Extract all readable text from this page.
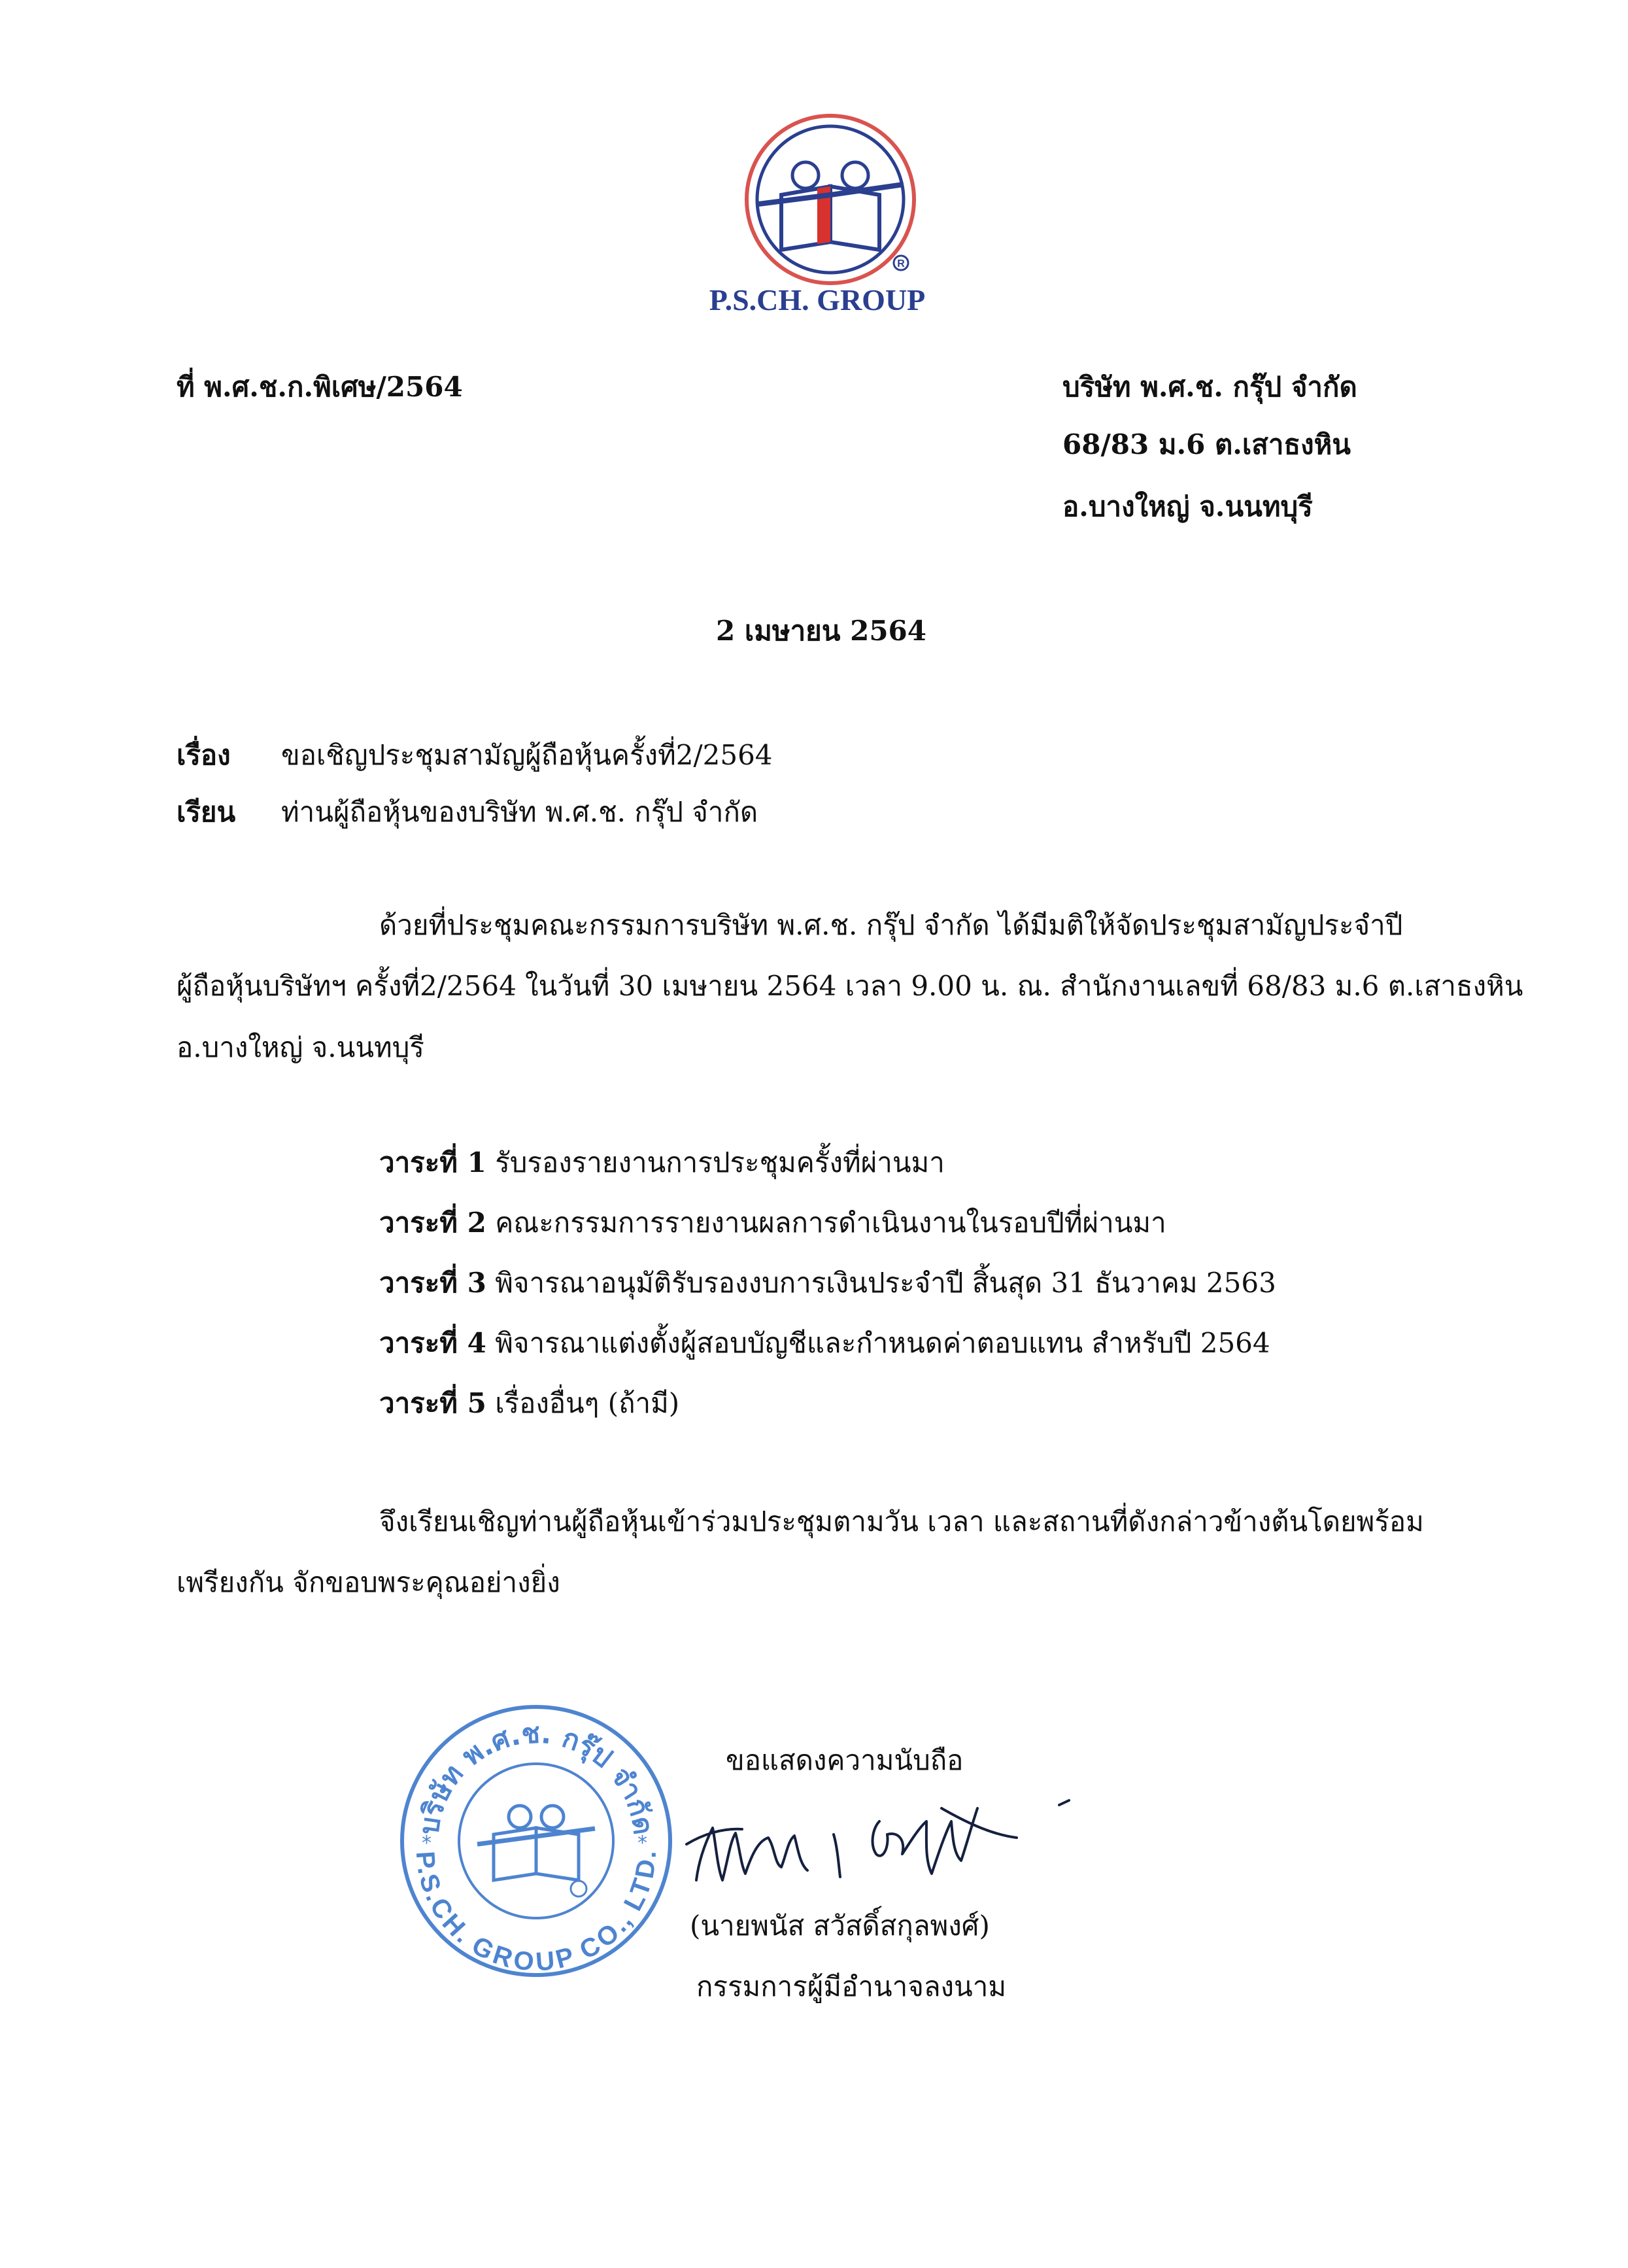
R
P.S.CH. GROUP
ที่ พ.ศ.ช.ก.พิเศษ/2564	บริษัท พ.ศ.ช. กรุ๊ป จำกัด
68/83 ม.6 ต.เสาธงหิน
อ.บางใหญ่ จ.นนทบุรี
2 เมษายน 2564
เรื่อง ขอเชิญประชุมสามัญผู้ถือหุ้นครั้งที่2/2564
เรียน ท่านผู้ถือหุ้นของบริษัท พ.ศ.ช. กรุ๊ป จำกัด
ด้วยที่ประชุมคณะกรรมการบริษัท พ.ศ.ช. กรุ๊ป จำกัด ได้มีมติให้จัดประชุมสามัญประจำปี
ผู้ถือหุ้นบริษัทฯ ครั้งที่2/2564 ในวันที่ 30 เมษายน 2564 เวลา 9.00 น. ณ. สำนักงานเลขที่ 68/83 ม.6 ต.เสาธงหิน
อ.บางใหญ่ จ.นนทบุรี
วาระที่ 1 รับรองรายงานการประชุมครั้งที่ผ่านมา
วาระที่ 2 คณะกรรมการรายงานผลการดำเนินงานในรอบปีที่ผ่านมา
วาระที่ 3 พิจารณาอนุมัติรับรองงบการเงินประจำปี สิ้นสุด 31 ธันวาคม 2563
วาระที่ 4 พิจารณาแต่งตั้งผู้สอบบัญชีและกำหนดค่าตอบแทน สำหรับปี 2564
วาระที่ 5 เรื่องอื่นๆ (ถ้ามี)
จึงเรียนเชิญท่านผู้ถือหุ้นเข้าร่วมประชุมตามวัน เวลา และสถานที่ดังกล่าวข้างต้นโดยพร้อม
เพรียงกัน จักขอบพระคุณอย่างยิ่ง
บริษัท พ.ศ.ช. กรุ๊ป จำกัด
P.S.CH. GROUP CO., LTD.
*	*
ขอแสดงความนับถือ
(นายพนัส สวัสดิ์สกุลพงศ์)
กรรมการผู้มีอำนาจลงนาม
